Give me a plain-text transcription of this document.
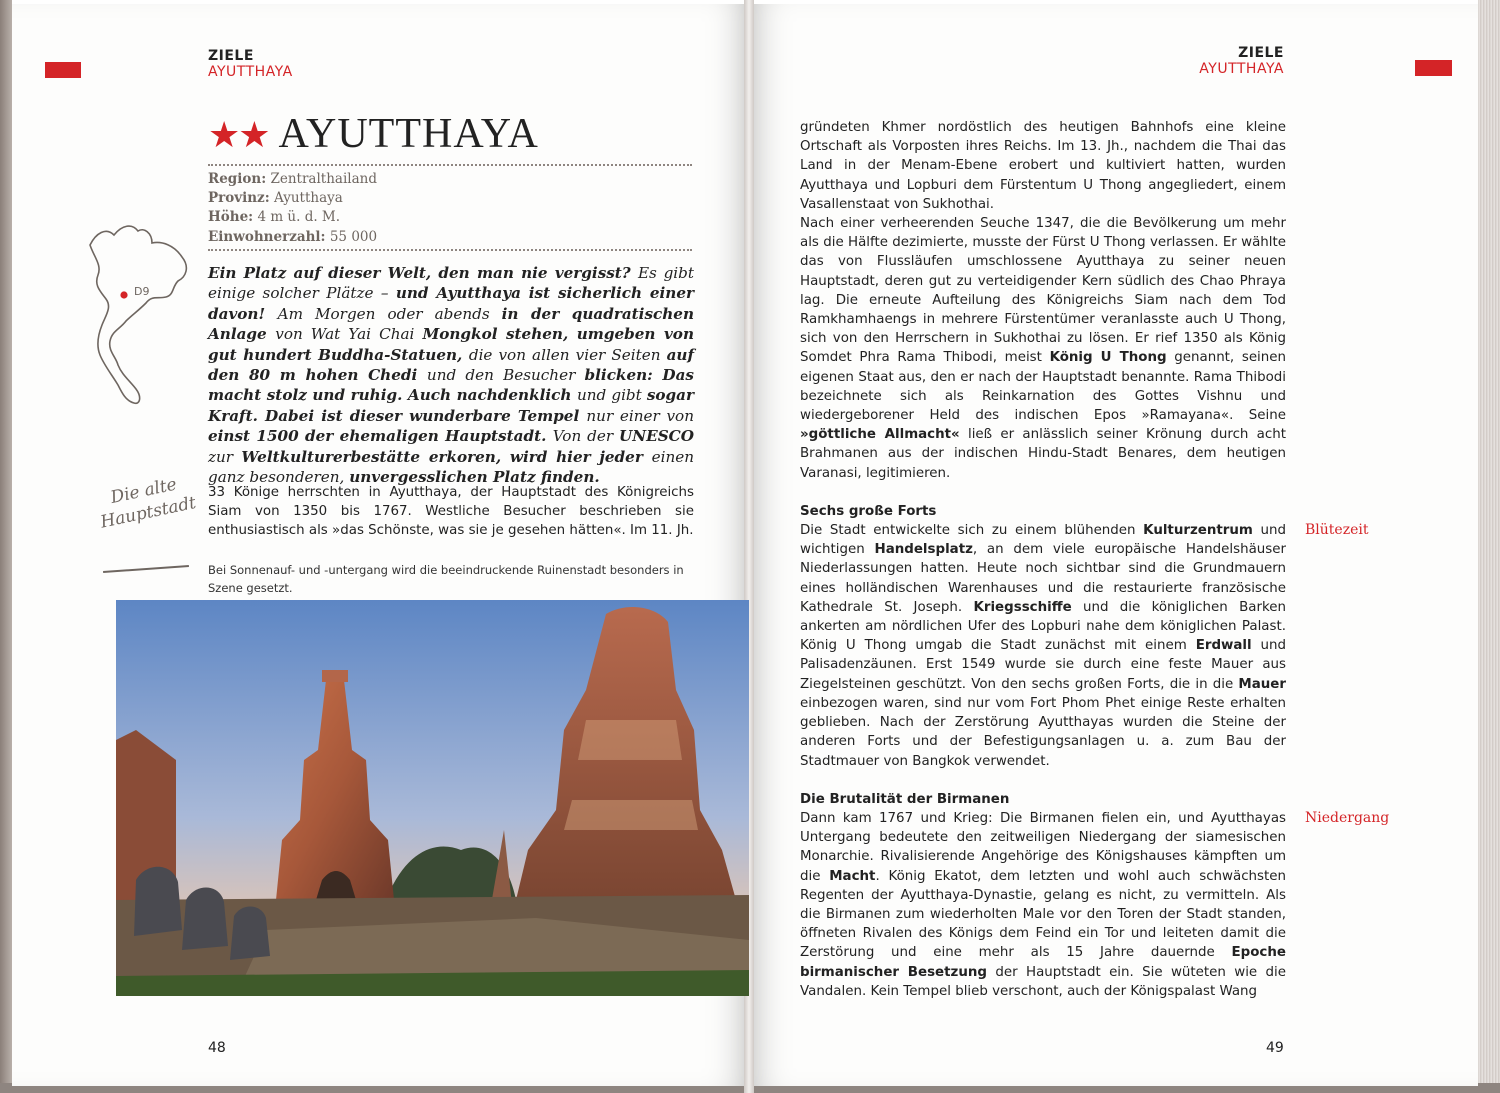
ZIELE
AYUTTHAYA
★★ AYUTTHAYA
Region: Zentralthailand
Provinz: Ayutthaya
Höhe: 4 m ü. d. M.
Einwohnerzahl: 55 000
D9
Ein Platz auf dieser Welt, den man nie vergisst? Es gibt einige solcher Plätze – und Ayutthaya ist sicherlich einer davon! Am Morgen oder abends in der quadratischen Anlage von Wat Yai Chai Mongkol stehen, umgeben von gut hundert Buddha-Statuen, die von allen vier Seiten auf den 80 m hohen Chedi und den Besucher blicken: Das macht stolz und ruhig. Auch nachdenklich und gibt sogar Kraft. Dabei ist dieser wunderbare Tempel nur einer von einst 1500 der ehemaligen Hauptstadt. Von der UNESCO zur Weltkulturerbestätte erkoren, wird hier jeder einen ganz besonderen, unvergesslichen Platz finden.
Die alte Hauptstadt
33 Könige herrschten in Ayutthaya, der Hauptstadt des Königreichs Siam von 1350 bis 1767. Westliche Besucher beschrieben sie enthusiastisch als »das Schönste, was sie je gesehen hätten«. Im 11. Jh.
Bei Sonnenauf- und -untergang wird die beeindruckende Ruinenstadt besonders in Szene gesetzt.
48
ZIELE
AYUTTHAYA

gründeten Khmer nordöstlich des heutigen Bahnhofs eine kleine Ortschaft als Vorposten ihres Reichs. Im 13. Jh., nachdem die Thai das Land in der Menam-Ebene erobert und kultiviert hatten, wurden Ayutthaya und Lopburi dem Fürstentum U Thong angegliedert, einem Vasallenstaat von Sukhothai.

Nach einer verheerenden Seuche 1347, die die Bevölkerung um mehr als die Hälfte dezimierte, musste der Fürst U Thong verlassen. Er wählte das von Flussläufen umschlossene Ayutthaya zu seiner neuen Hauptstadt, deren gut zu verteidigender Kern südlich des Chao Phraya lag. Die erneute Aufteilung des Königreichs Siam nach dem Tod Ramkhamhaengs in mehrere Fürstentümer veranlasste auch U Thong, sich von den Herrschern in Sukhothai zu lösen. Er rief 1350 als König Somdet Phra Rama Thibodi, meist König U Thong genannt, seinen eigenen Staat aus, den er nach der Hauptstadt benannte. Rama Thibodi bezeichnete sich als Reinkarnation des Gottes Vishnu und wiedergeborener Held des indischen Epos »Ramayana«. Seine »göttliche Allmacht« ließ er anlässlich seiner Krönung durch acht Brahmanen aus der indischen Hindu-Stadt Benares, dem heutigen Varanasi, legitimieren.

Sechs große Forts

Die Stadt entwickelte sich zu einem blühenden Kulturzentrum und wichtigen Handelsplatz, an dem viele europäische Handelshäuser Niederlassungen hatten. Heute noch sichtbar sind die Grundmauern eines holländischen Warenhauses und die restaurierte französische Kathedrale St. Joseph. Kriegsschiffe und die königlichen Barken ankerten am nördlichen Ufer des Lopburi nahe dem königlichen Palast. König U Thong umgab die Stadt zunächst mit einem Erdwall und Palisadenzäunen. Erst 1549 wurde sie durch eine feste Mauer aus Ziegelsteinen geschützt. Von den sechs großen Forts, die in die Mauer einbezogen waren, sind nur vom Fort Phom Phet einige Reste erhalten geblieben. Nach der Zerstörung Ayutthayas wurden die Steine der anderen Forts und der Befestigungsanlagen u. a. zum Bau der Stadtmauer von Bangkok verwendet.

Die Brutalität der Birmanen

Dann kam 1767 und Krieg: Die Birmanen fielen ein, und Ayutthayas Untergang bedeutete den zeitweiligen Niedergang der siamesischen Monarchie. Rivalisierende Angehörige des Königshauses kämpften um die Macht. König Ekatot, dem letzten und wohl auch schwächsten Regenten der Ayutthaya-Dynastie, gelang es nicht, zu vermitteln. Als die Birmanen zum wiederholten Male vor den Toren der Stadt standen, öffneten Rivalen des Königs dem Feind ein Tor und leiteten damit die Zerstörung und eine mehr als 15 Jahre dauernde Epoche birmanischer Besetzung der Hauptstadt ein. Sie wüteten wie die Vandalen. Kein Tempel blieb verschont, auch der Königspalast Wang

Blütezeit
Niedergang
49
